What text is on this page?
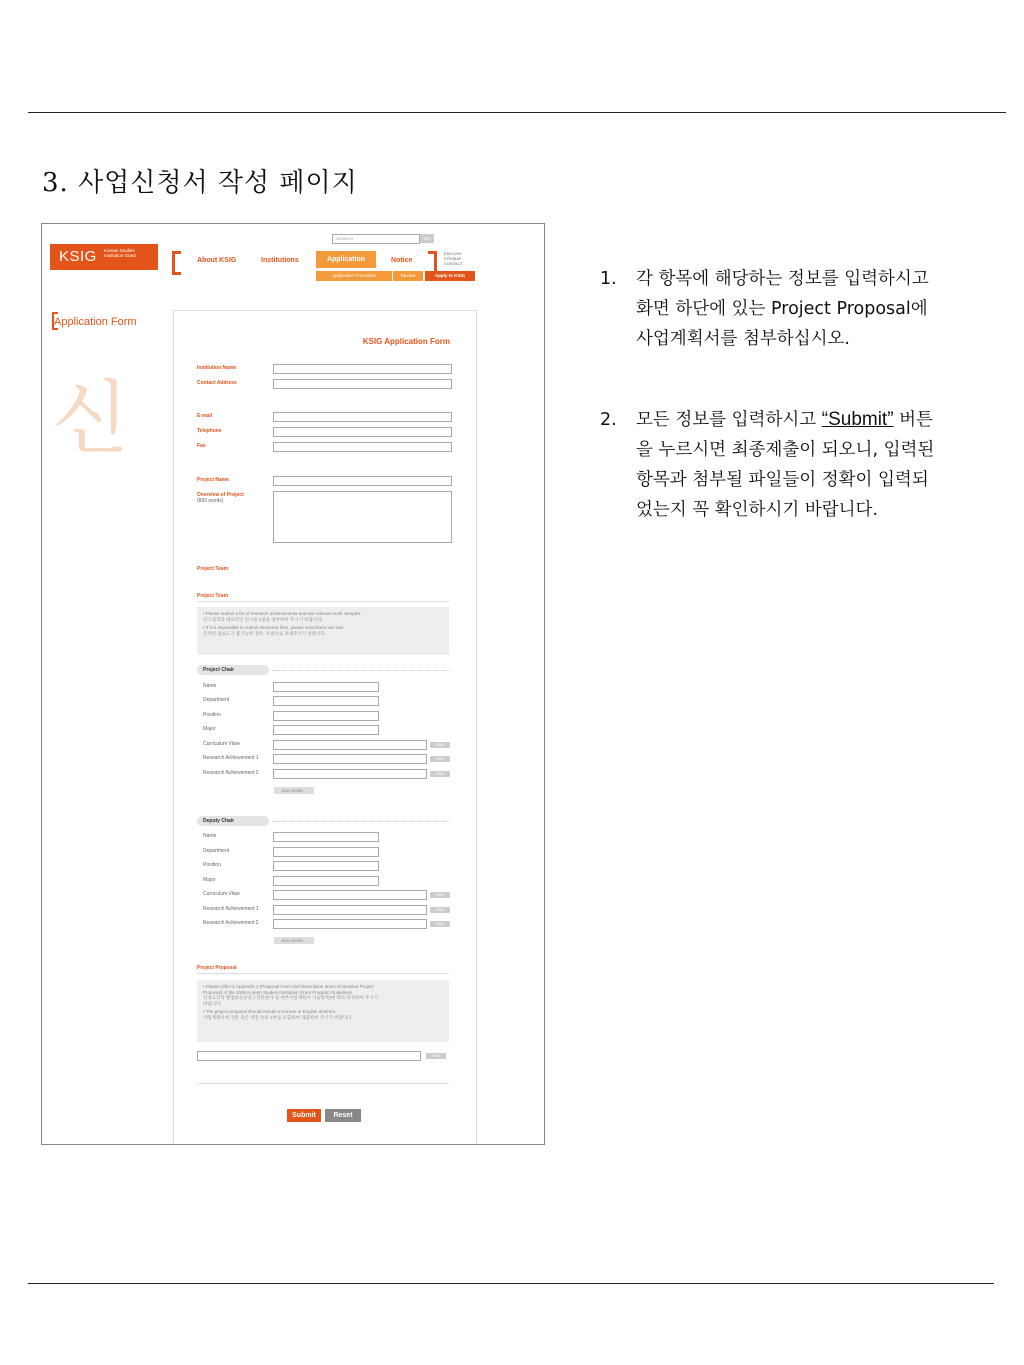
3. 사업신청서 작성 페이지
KSIG Korean Studies Institution Grant
SEARCH	GO
About KSIG	Institutions	Application	Notice
ENGLISH
SITEMAP
CONTACT
Application Procedure	Review	Apply to KSIG
Application Form
신
KSIG Application Form
Institution Name
Contact Address
E-mail
Telephone
Fax
Project Name
Overview of Project
(800 words)
Project Team
Project Team
• Please submit a list of research achievements and two relevant work samples.
연구업적과 대표적인 연구물 2종을 첨부하여 주시기 바랍니다.
• If it is impossible to submit electronic files, please send them via mail.
온라인 업로드가 불가능한 경우, 우편으로 보내주시기 바랍니다.
Project Chair
Name
Department
Position
Major
Curriculum Vitae	FIND
Research Achievement 1	FIND
Research Achievement 2	FIND
ADD MORE...
Deputy Chair
Name
Department
Position
Major
Curriculum Vitae	FIND
Research Achievement 1	FIND
Research Achievement 2	FIND
ADD MORE...
Project Proposal
• Please refer to Appendix 2 (Proposal Form and Description Items of Detailed Project
Proposal) of the 2008 Korean Studies Institution Grant Program Guidelines.
신청요강의 별첨2(신규연구진흥분야 및 세부사업계획서 기술항목)에 따라 작성하여 주시기
바랍니다.
• The project proposal should include a Korean or English abstract.
사업계획서에 국문 혹은 영문 초록 1부를 포함하여 제출하여 주시기 바랍니다.
FIND
Submit	Reset
1. 각 항목에 해당하는 정보를 입력하시고
화면 하단에 있는 Project Proposal에
사업계획서를 첨부하십시오.
2. 모든 정보를 입력하시고 “Submit” 버튼
을 누르시면 최종제출이 되오니, 입력된
항목과 첨부될 파일들이 정확이 입력되
었는지 꼭 확인하시기 바랍니다.
